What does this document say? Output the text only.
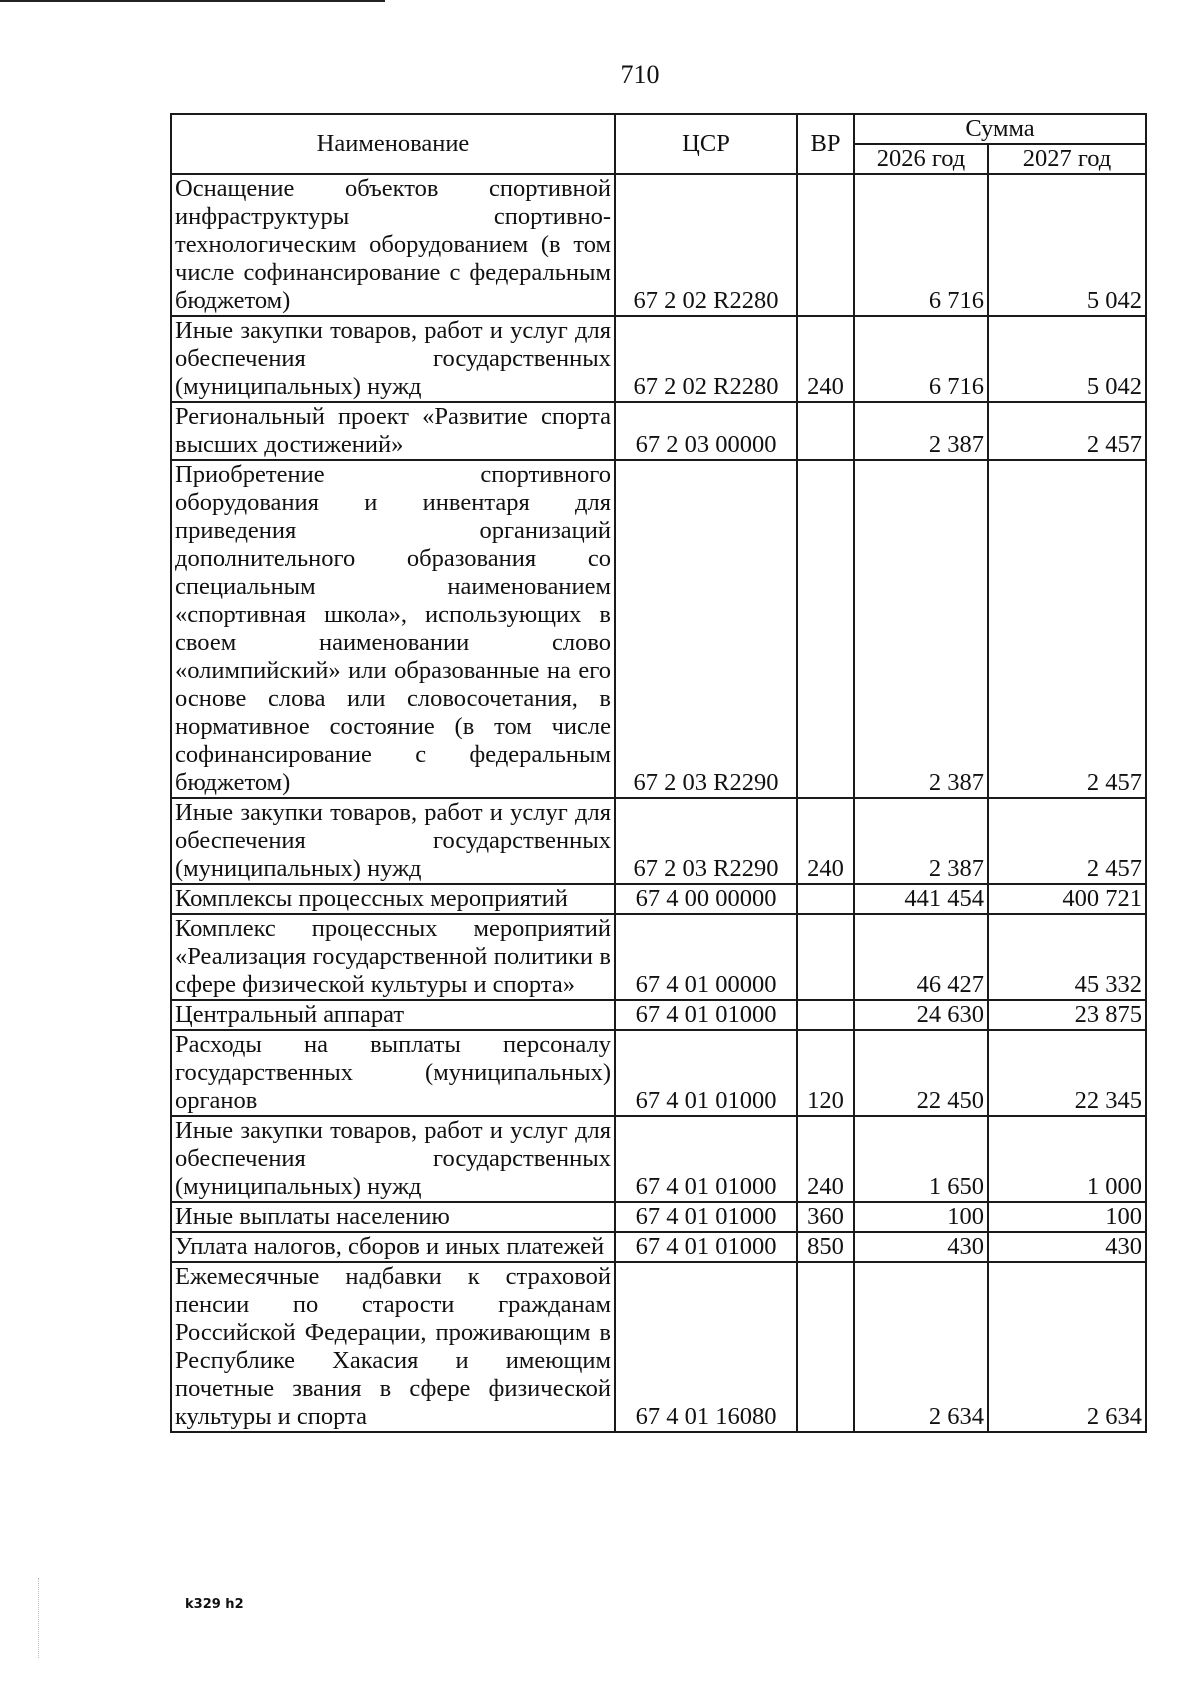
710
Наименование	ЦСР	ВР	Сумма	
			2026 год	2027 год
Оснащение объектов спортивной инфраструктуры спортивно-технологическим оборудованием (в том числе софинансирование с федеральным бюджетом)	67 2 02 R2280		6 716	5 042
Иные закупки товаров, работ и услуг для обеспечения государственных (муниципальных) нужд	67 2 02 R2280	240	6 716	5 042
Региональный проект «Развитие спорта высших достижений»	67 2 03 00000		2 387	2 457
Приобретение спортивного оборудования и инвентаря для приведения организаций дополнительного образования со специальным наименованием «спортивная школа», использующих в своем наименовании слово «олимпийский» или образованные на его основе слова или словосочетания, в нормативное состояние (в том числе софинансирование с федеральным бюджетом)	67 2 03 R2290		2 387	2 457
Иные закупки товаров, работ и услуг для обеспечения государственных (муниципальных) нужд	67 2 03 R2290	240	2 387	2 457
Комплексы процессных мероприятий	67 4 00 00000		441 454	400 721
Комплекс процессных мероприятий «Реализация государственной политики в сфере физической культуры и спорта»	67 4 01 00000		46 427	45 332
Центральный аппарат	67 4 01 01000		24 630	23 875
Расходы на выплаты персоналу государственных (муниципальных) органов	67 4 01 01000	120	22 450	22 345
Иные закупки товаров, работ и услуг для обеспечения государственных (муниципальных) нужд	67 4 01 01000	240	1 650	1 000
Иные выплаты населению	67 4 01 01000	360	100	100
Уплата налогов, сборов и иных платежей	67 4 01 01000	850	430	430
Ежемесячные надбавки к страховой пенсии по старости гражданам Российской Федерации, проживающим в Республике Хакасия и имеющим почетные звания в сфере физической культуры и спорта	67 4 01 16080		2 634	2 634
k329 h2
